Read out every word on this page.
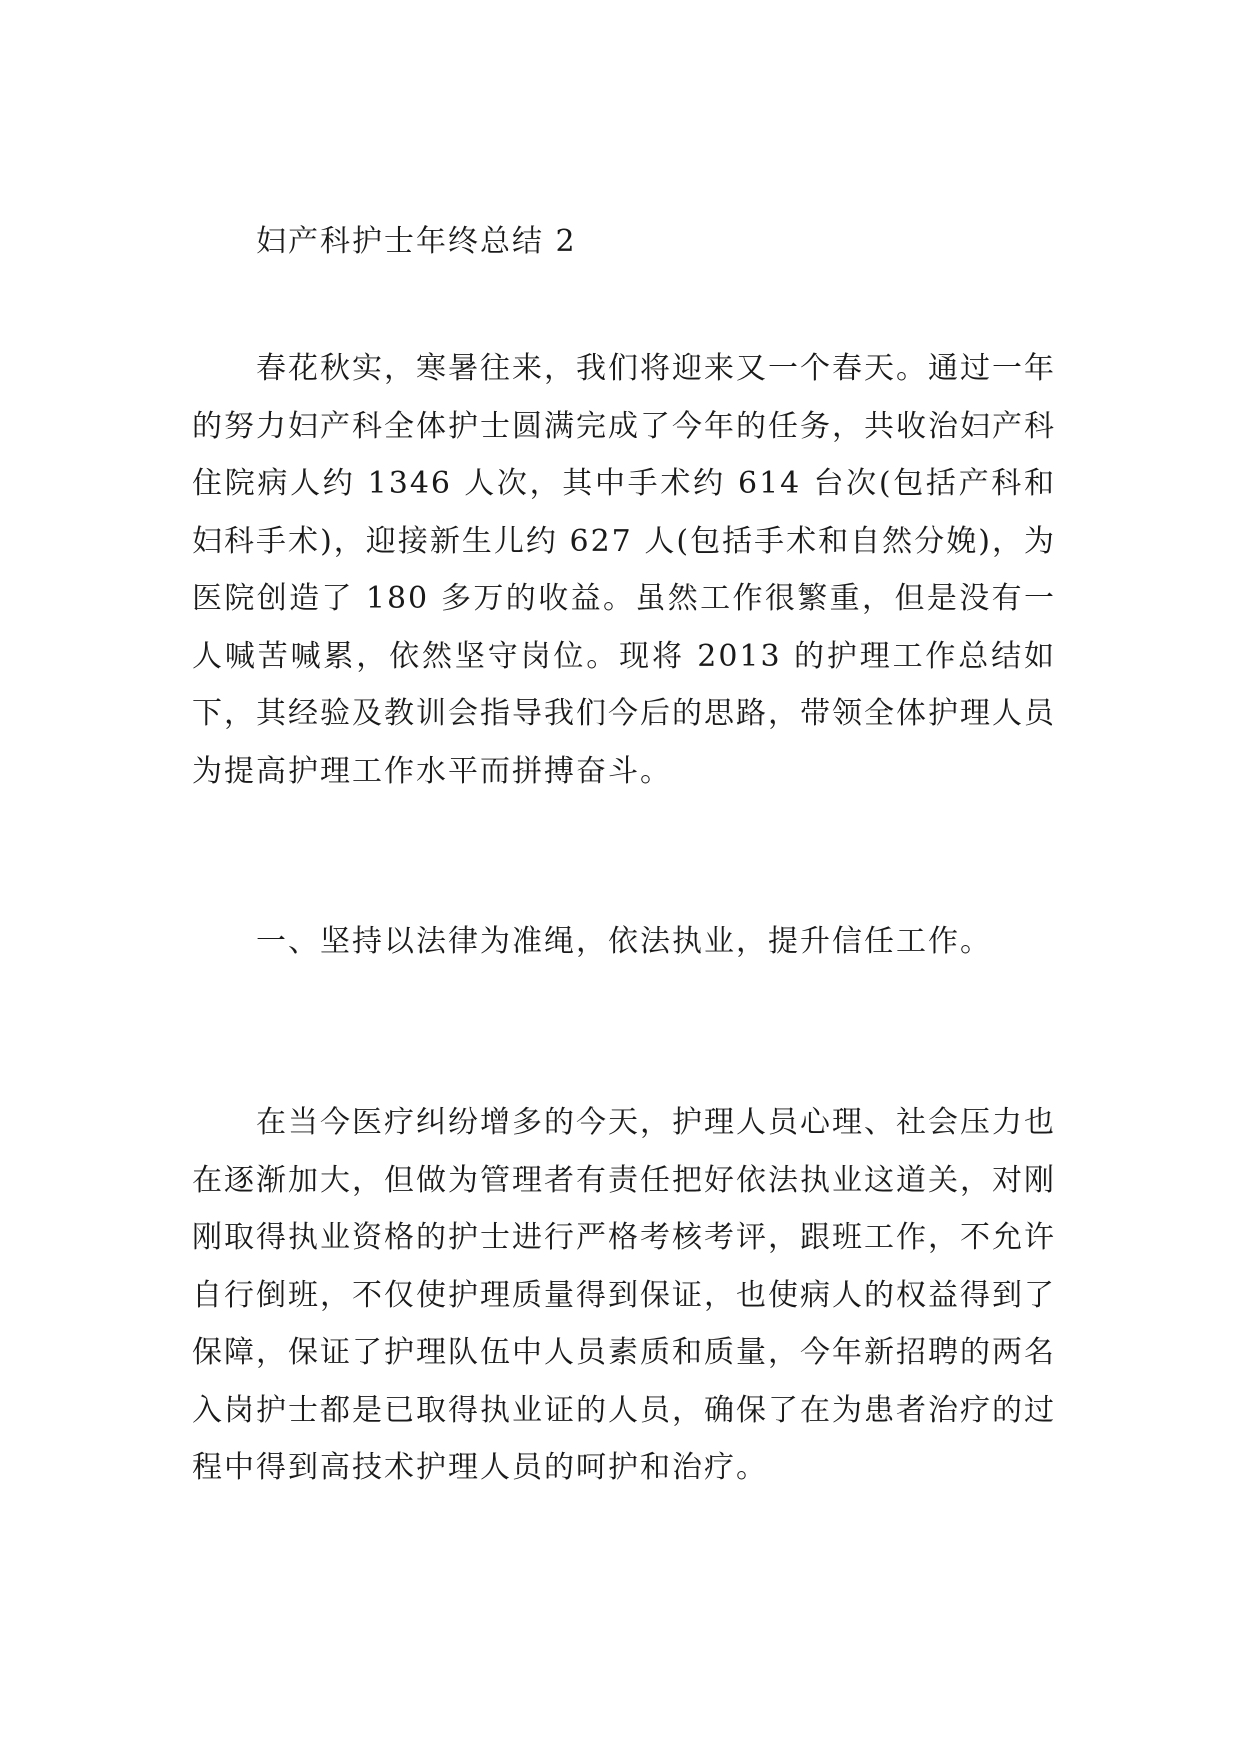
妇产科护士年终总结 2

春花秋实，寒暑往来，我们将迎来又一个春天。通过一年的努力妇产科全体护士圆满完成了今年的任务，共收治妇产科住院病人约 1346 人次，其中手术约 614 台次(包括产科和妇科手术)，迎接新生儿约 627 人(包括手术和自然分娩)，为医院创造了 180 多万的收益。虽然工作很繁重，但是没有一人喊苦喊累，依然坚守岗位。现将 2013 的护理工作总结如下，其经验及教训会指导我们今后的思路，带领全体护理人员为提高护理工作水平而拼搏奋斗。

一、坚持以法律为准绳，依法执业，提升信任工作。

在当今医疗纠纷增多的今天，护理人员心理、社会压力也在逐渐加大，但做为管理者有责任把好依法执业这道关，对刚刚取得执业资格的护士进行严格考核考评，跟班工作，不允许自行倒班，不仅使护理质量得到保证，也使病人的权益得到了保障，保证了护理队伍中人员素质和质量，今年新招聘的两名入岗护士都是已取得执业证的人员，确保了在为患者治疗的过程中得到高技术护理人员的呵护和治疗。
